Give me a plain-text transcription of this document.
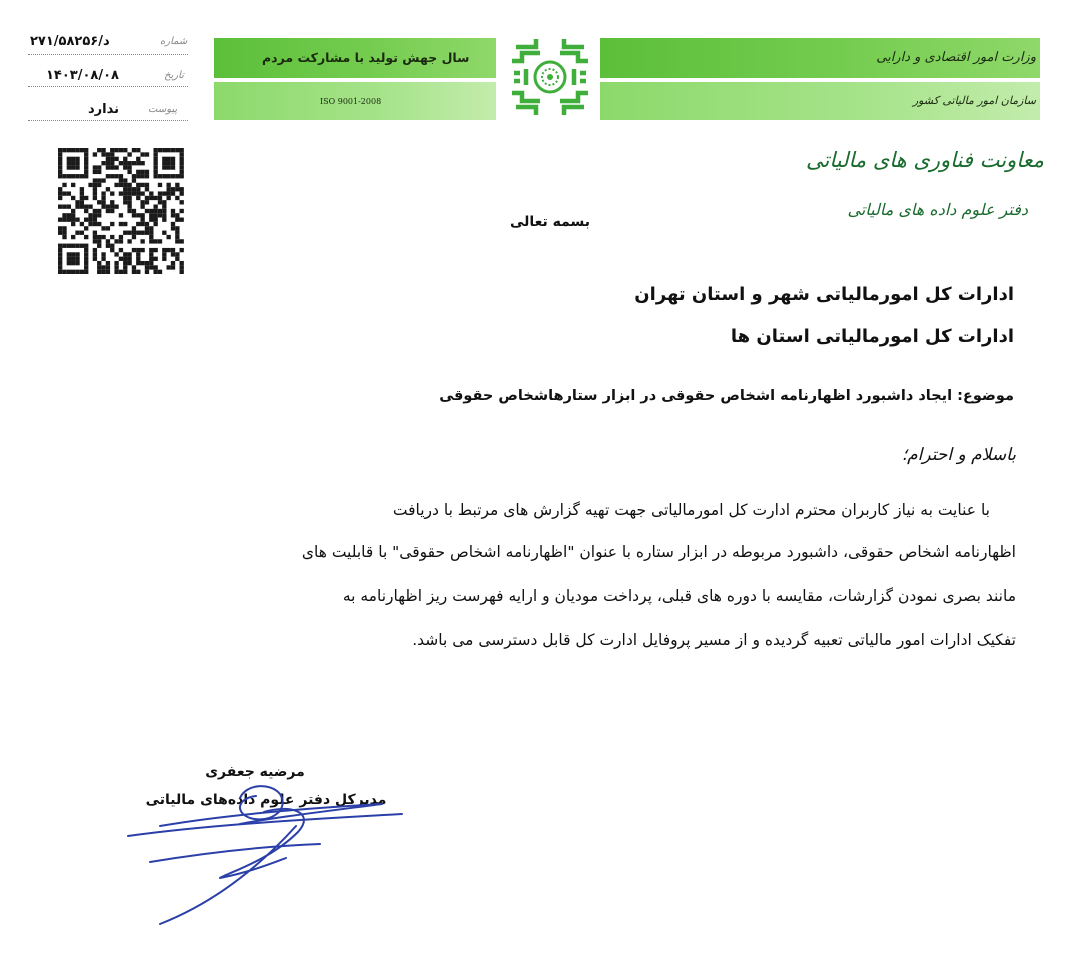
سال جهش تولید با مشارکت مردم
ISO 9001-2008
وزارت امور اقتصادی و دارایی
سازمان امور مالیاتی کشور
معاونت فناوری های مالیاتی
دفتر علوم داده های مالیاتی
شماره
د/۲۷۱/۵۸۲۵۶
تاریخ
۱۴۰۳/۰۸/۰۸
پیوست
ندارد
بسمه تعالی
ادارات کل امورمالیاتی شهر و استان تهران
ادارات کل امورمالیاتی استان ها
موضوع: ایجاد داشبورد اظهارنامه اشخاص حقوقی در ابزار ستارهاشخاص حقوقی
باسلام و احترام؛
با عنایت به نیاز کاربران محترم ادارت کل امورمالیاتی جهت تهیه گزارش های مرتبط با دریافت
اظهارنامه اشخاص حقوقی، داشبورد مربوطه در ابزار ستاره با عنوان "اظهارنامه اشخاص حقوقی" با قابلیت های
مانند بصری نمودن گزارشات، مقایسه با دوره های قبلی، پرداخت مودیان و ارایه فهرست ریز اظهارنامه به
تفکیک ادارات امور مالیاتی تعبیه گردیده و از مسیر پروفایل ادارت کل قابل دسترسی می باشد.
مرضیه جعفری
مدیرکل دفتر علوم داده‌های مالیاتی
